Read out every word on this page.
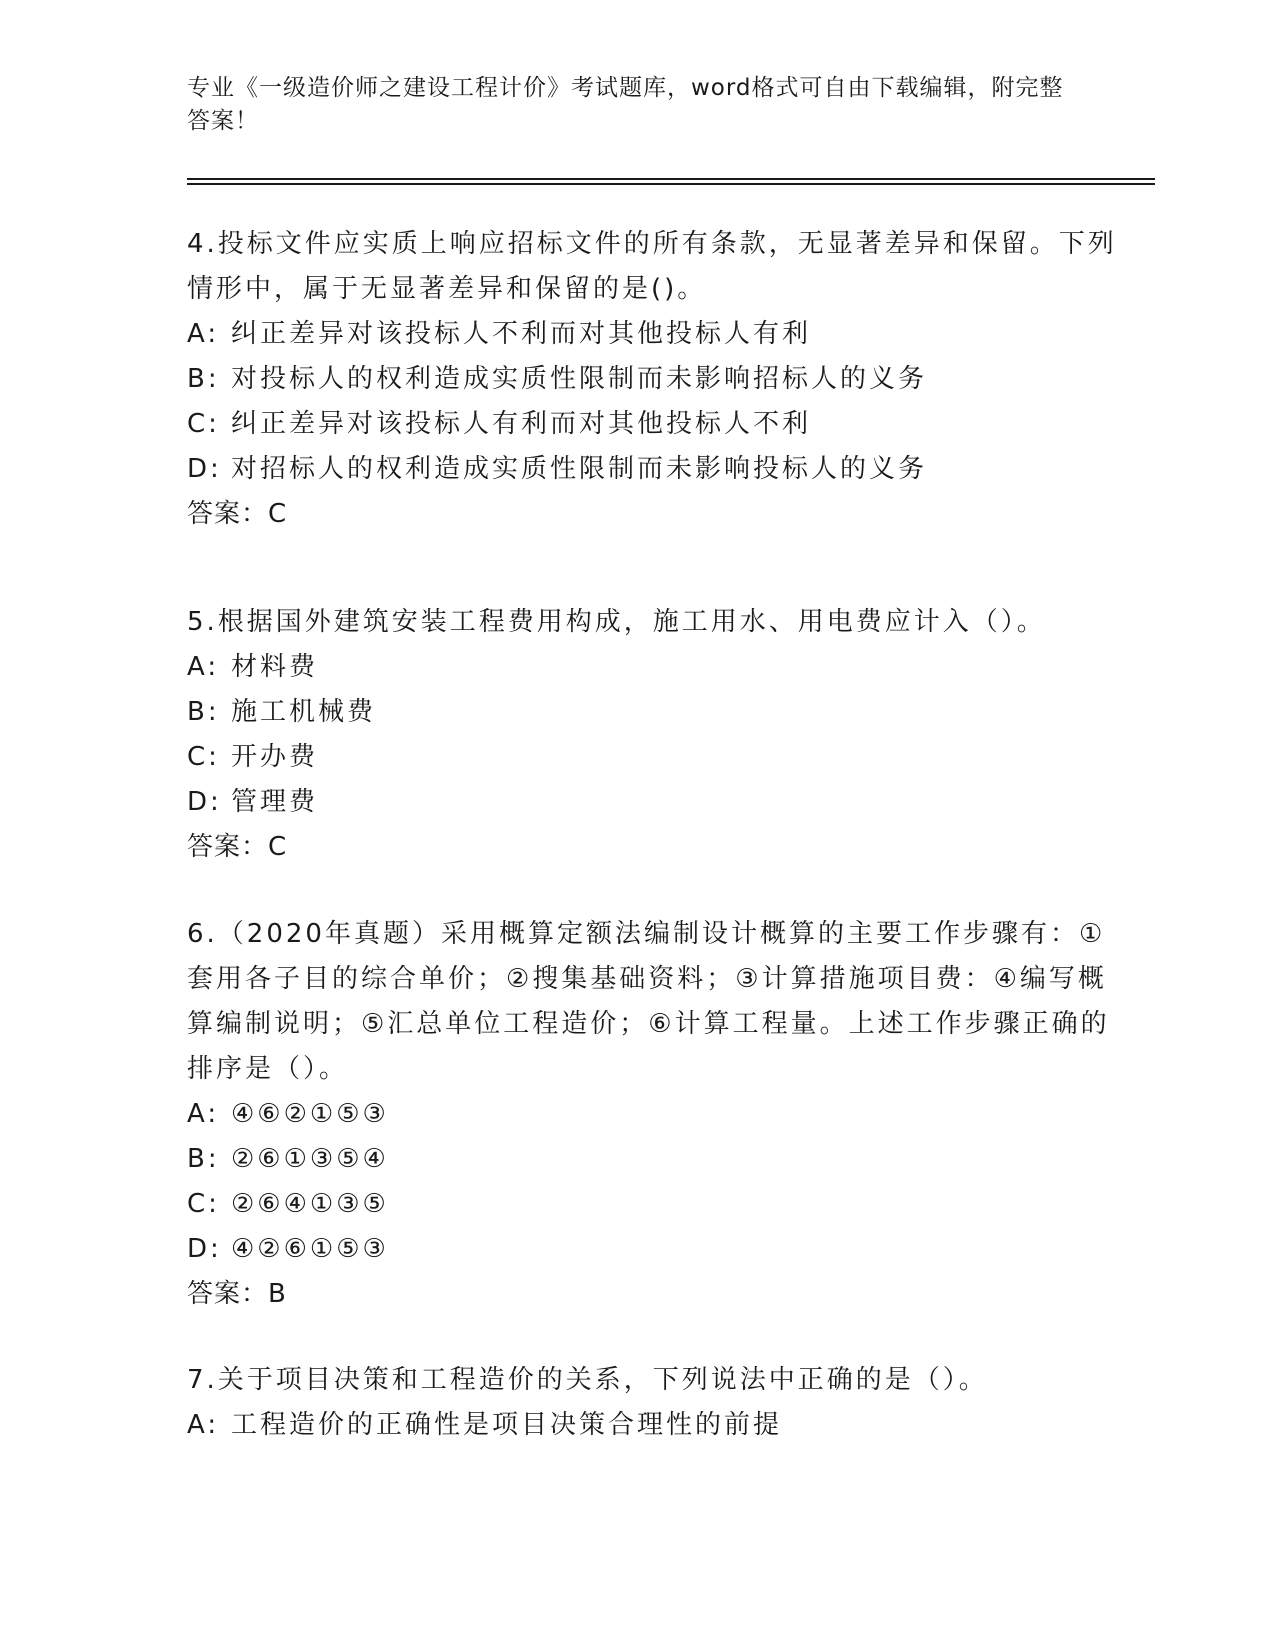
专业《一级造价师之建设工程计价》考试题库，word格式可自由下载编辑，附完整答案！

4.投标文件应实质上响应招标文件的所有条款，无显著差异和保留。下列情形中，属于无显著差异和保留的是()。

A: 纠正差异对该投标人不利而对其他投标人有利

B: 对投标人的权利造成实质性限制而未影响招标人的义务

C: 纠正差异对该投标人有利而对其他投标人不利

D: 对招标人的权利造成实质性限制而未影响投标人的义务

答案：C

5.根据国外建筑安装工程费用构成，施工用水、用电费应计入（）。

A: 材料费

B: 施工机械费

C: 开办费

D: 管理费

答案：C

6.（2020年真题）采用概算定额法编制设计概算的主要工作步骤有：①套用各子目的综合单价；②搜集基础资料；③计算措施项目费：④编写概算编制说明；⑤汇总单位工程造价；⑥计算工程量。上述工作步骤正确的排序是（）。

A: ④⑥②①⑤③

B: ②⑥①③⑤④

C: ②⑥④①③⑤

D: ④②⑥①⑤③

答案：B

7.关于项目决策和工程造价的关系，下列说法中正确的是（）。

A: 工程造价的正确性是项目决策合理性的前提
